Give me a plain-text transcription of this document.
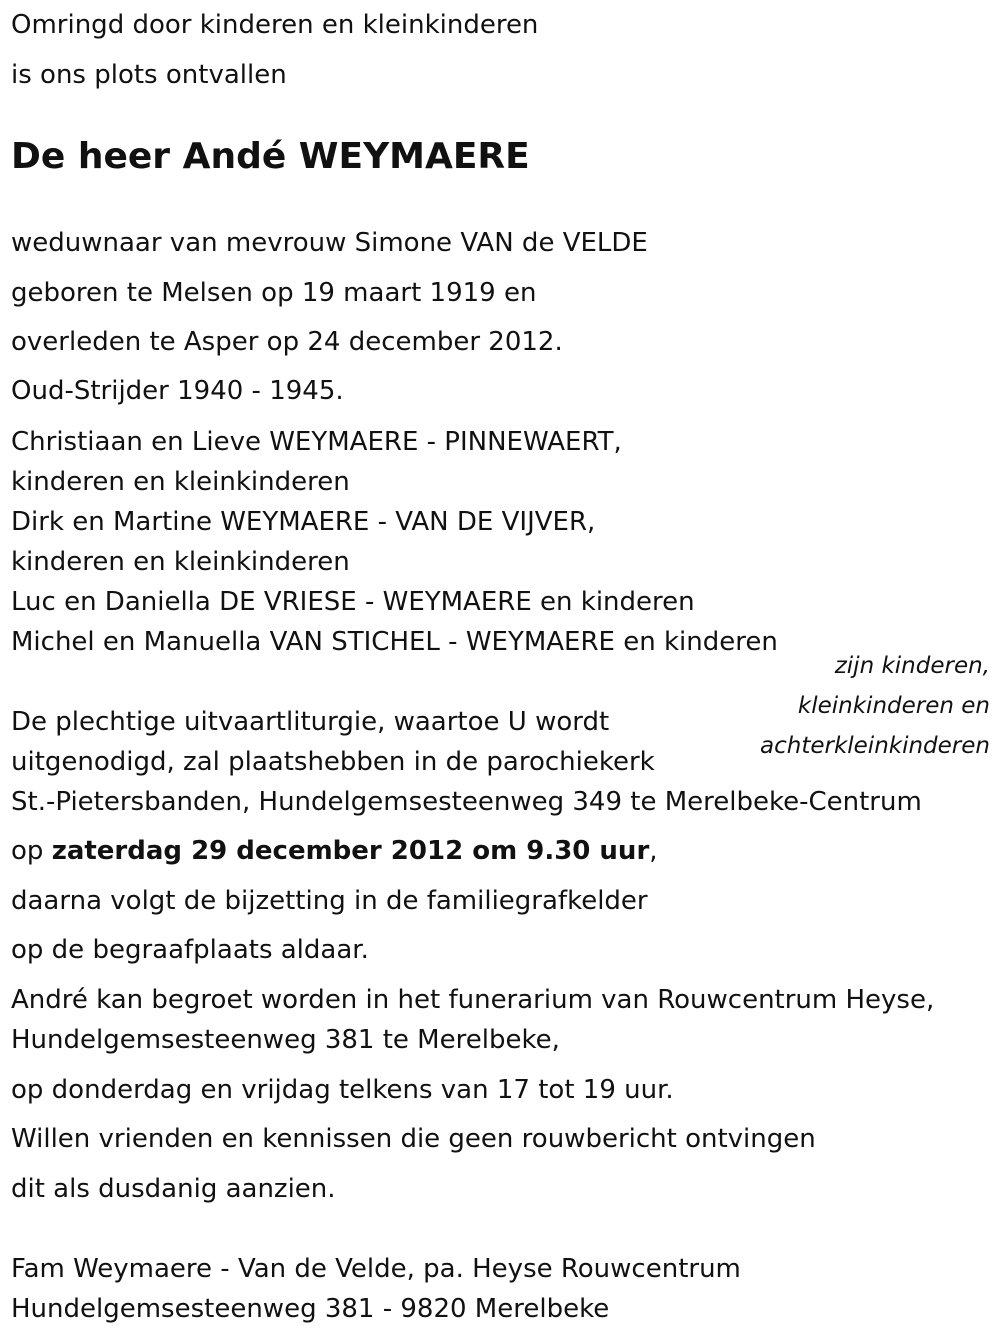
Omringd door kinderen en kleinkinderen
is ons plots ontvallen
De heer Andé WEYMAERE
weduwnaar van mevrouw Simone VAN de VELDE
geboren te Melsen op 19 maart 1919 en
overleden te Asper op 24 december 2012.
Oud-Strijder 1940 - 1945.
Christiaan en Lieve WEYMAERE - PINNEWAERT,
kinderen en kleinkinderen
Dirk en Martine WEYMAERE - VAN DE VIJVER,
kinderen en kleinkinderen
Luc en Daniella DE VRIESE - WEYMAERE en kinderen
Michel en Manuella VAN STICHEL - WEYMAERE en kinderen
zijn kinderen,
kleinkinderen en
achterkleinkinderen
De plechtige uitvaartliturgie, waartoe U wordt
uitgenodigd, zal plaatshebben in de parochiekerk
St.-Pietersbanden, Hundelgemsesteenweg 349 te Merelbeke-Centrum
op zaterdag 29 december 2012 om 9.30 uur,
daarna volgt de bijzetting in de familiegrafkelder
op de begraafplaats aldaar.
André kan begroet worden in het funerarium van Rouwcentrum Heyse,
Hundelgemsesteenweg 381 te Merelbeke,
op donderdag en vrijdag telkens van 17 tot 19 uur.
Willen vrienden en kennissen die geen rouwbericht ontvingen
dit als dusdanig aanzien.
Fam Weymaere - Van de Velde, pa. Heyse Rouwcentrum
Hundelgemsesteenweg 381 - 9820 Merelbeke
